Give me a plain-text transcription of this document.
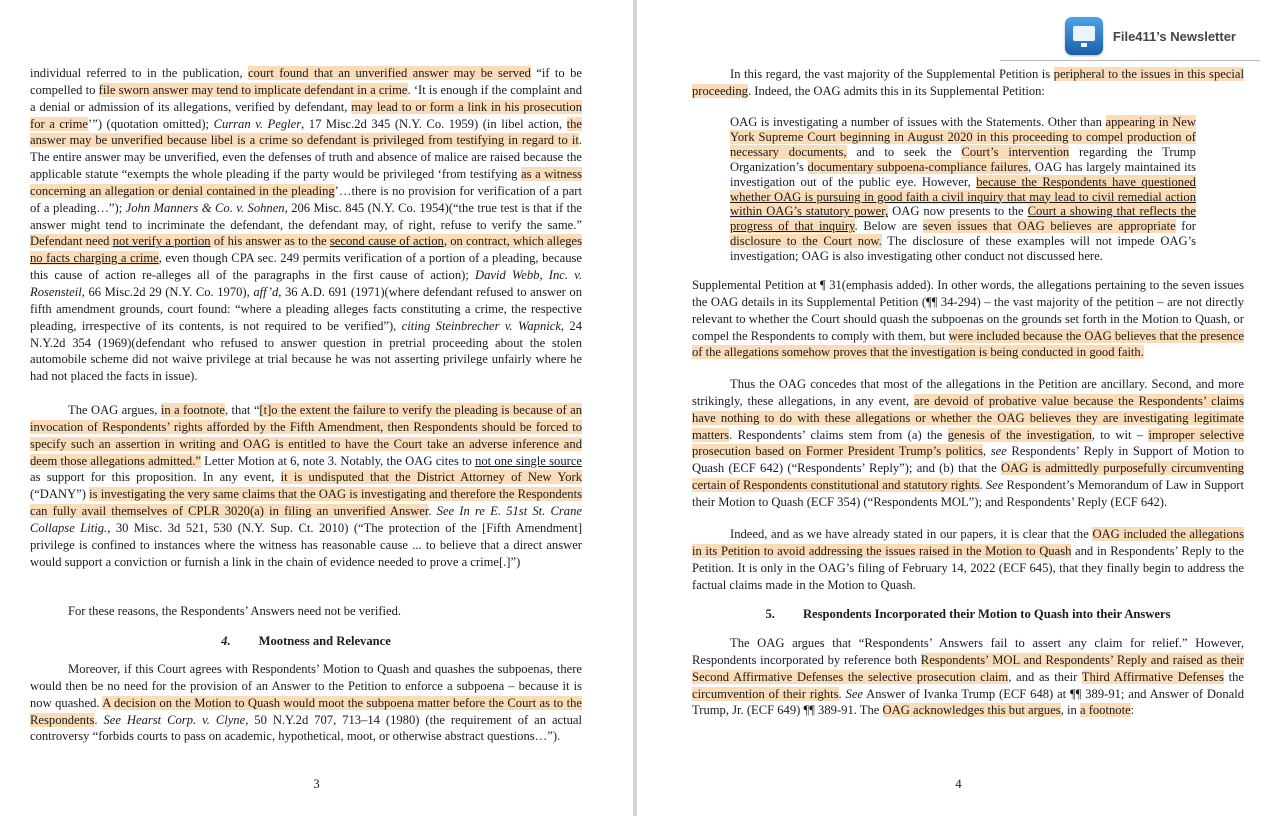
individual referred to in the publication, court found that an unverified answer may be served “if to be compelled to file sworn answer may tend to implicate defendant in a crime. ‘It is enough if the complaint and a denial or admission of its allegations, verified by defendant, may lead to or form a link in his prosecution for a crime’”) (quotation omitted); Curran v. Pegler, 17 Misc.2d 345 (N.Y. Co. 1959) (in libel action, the answer may be unverified because libel is a crime so defendant is privileged from testifying in regard to it. The entire answer may be unverified, even the defenses of truth and absence of malice are raised because the applicable statute “exempts the whole pleading if the party would be privileged ‘from testifying as a witness concerning an allegation or denial contained in the pleading’…there is no provision for verification of a part of a pleading…”); John Manners & Co. v. Sohnen, 206 Misc. 845 (N.Y. Co. 1954)(“the true test is that if the answer might tend to incriminate the defendant, the defendant may, of right, refuse to verify the same.” Defendant need not verify a portion of his answer as to the second cause of action, on contract, which alleges no facts charging a crime, even though CPA sec. 249 permits verification of a portion of a pleading, because this cause of action re-alleges all of the paragraphs in the first cause of action); David Webb, Inc. v. Rosensteil, 66 Misc.2d 29 (N.Y. Co. 1970), aff’d, 36 A.D. 691 (1971)(where defendant refused to answer on fifth amendment grounds, court found: “where a pleading alleges facts constituting a crime, the respective pleading, irrespective of its contents, is not required to be verified”), citing Steinbrecher v. Wapnick, 24 N.Y.2d 354 (1969)(defendant who refused to answer question in pretrial proceeding about the stolen automobile scheme did not waive privilege at trial because he was not asserting privilege unfairly where he had not placed the facts in issue).

The OAG argues, in a footnote, that “[t]o the extent the failure to verify the pleading is because of an invocation of Respondents’ rights afforded by the Fifth Amendment, then Respondents should be forced to specify such an assertion in writing and OAG is entitled to have the Court take an adverse inference and deem those allegations admitted.” Letter Motion at 6, note 3. Notably, the OAG cites to not one single source as support for this proposition. In any event, it is undisputed that the District Attorney of New York (“DANY”) is investigating the very same claims that the OAG is investigating and therefore the Respondents can fully avail themselves of CPLR 3020(a) in filing an unverified Answer. See In re E. 51st St. Crane Collapse Litig., 30 Misc. 3d 521, 530 (N.Y. Sup. Ct. 2010) (“The protection of the [Fifth Amendment] privilege is confined to instances where the witness has reasonable cause ... to believe that a direct answer would support a conviction or furnish a link in the chain of evidence needed to prove a crime[.]”)

For these reasons, the Respondents’ Answers need not be verified.

4. Mootness and Relevance

Moreover, if this Court agrees with Respondents’ Motion to Quash and quashes the subpoenas, there would then be no need for the provision of an Answer to the Petition to enforce a subpoena – because it is now quashed. A decision on the Motion to Quash would moot the subpoena matter before the Court as to the Respondents. See Hearst Corp. v. Clyne, 50 N.Y.2d 707, 713–14 (1980) (the requirement of an actual controversy “forbids courts to pass on academic, hypothetical, moot, or otherwise abstract questions…”).

3
File411’s Newsletter

In this regard, the vast majority of the Supplemental Petition is peripheral to the issues in this special proceeding. Indeed, the OAG admits this in its Supplemental Petition:

OAG is investigating a number of issues with the Statements. Other than appearing in New York Supreme Court beginning in August 2020 in this proceeding to compel production of necessary documents, and to seek the Court’s intervention regarding the Trump Organization’s documentary subpoena-compliance failures, OAG has largely maintained its investigation out of the public eye. However, because the Respondents have questioned whether OAG is pursuing in good faith a civil inquiry that may lead to civil remedial action within OAG’s statutory power, OAG now presents to the Court a showing that reflects the progress of that inquiry. Below are seven issues that OAG believes are appropriate for disclosure to the Court now. The disclosure of these examples will not impede OAG’s investigation; OAG is also investigating other conduct not discussed here.

Supplemental Petition at ¶ 31(emphasis added). In other words, the allegations pertaining to the seven issues the OAG details in its Supplemental Petition (¶¶ 34-294) – the vast majority of the petition – are not directly relevant to whether the Court should quash the subpoenas on the grounds set forth in the Motion to Quash, or compel the Respondents to comply with them, but were included because the OAG believes that the presence of the allegations somehow proves that the investigation is being conducted in good faith.

Thus the OAG concedes that most of the allegations in the Petition are ancillary. Second, and more strikingly, these allegations, in any event, are devoid of probative value because the Respondents’ claims have nothing to do with these allegations or whether the OAG believes they are investigating legitimate matters. Respondents’ claims stem from (a) the genesis of the investigation, to wit – improper selective prosecution based on Former President Trump’s politics, see Respondents’ Reply in Support of Motion to Quash (ECF 642) (“Respondents’ Reply”); and (b) that the OAG is admittedly purposefully circumventing certain of Respondents constitutional and statutory rights. See Respondent’s Memorandum of Law in Support their Motion to Quash (ECF 354) (“Respondents MOL”); and Respondents’ Reply (ECF 642).

Indeed, and as we have already stated in our papers, it is clear that the OAG included the allegations in its Petition to avoid addressing the issues raised in the Motion to Quash and in Respondents’ Reply to the Petition. It is only in the OAG’s filing of February 14, 2022 (ECF 645), that they finally begin to address the factual claims made in the Motion to Quash.

5. Respondents Incorporated their Motion to Quash into their Answers

The OAG argues that “Respondents’ Answers fail to assert any claim for relief.” However, Respondents incorporated by reference both Respondents’ MOL and Respondents’ Reply and raised as their Second Affirmative Defenses the selective prosecution claim, and as their Third Affirmative Defenses the circumvention of their rights. See Answer of Ivanka Trump (ECF 648) at ¶¶ 389-91; and Answer of Donald Trump, Jr. (ECF 649) ¶¶ 389-91. The OAG acknowledges this but argues, in a footnote:

4
